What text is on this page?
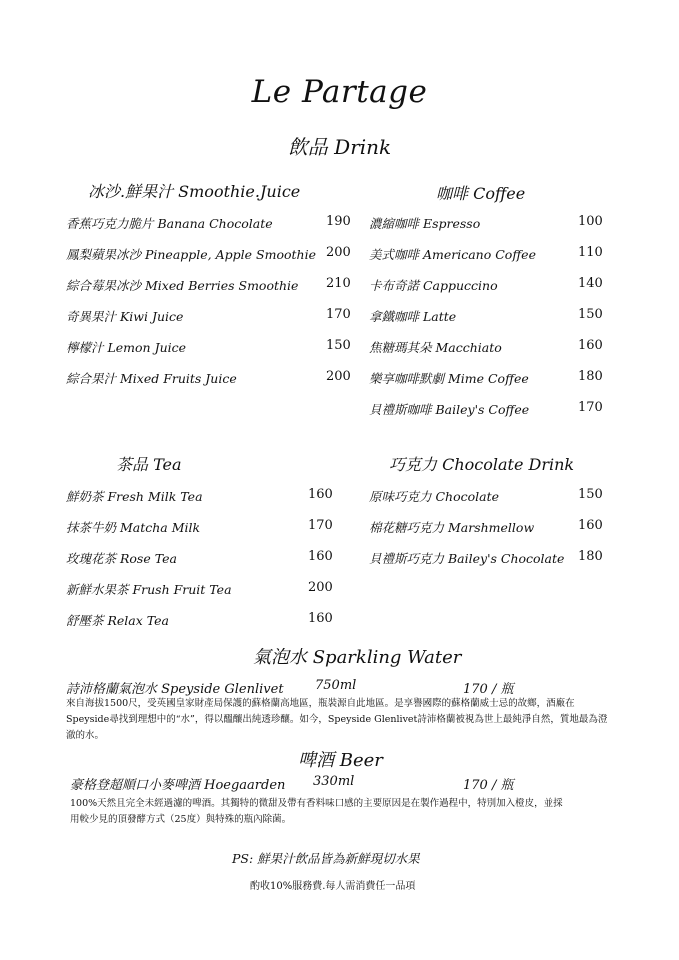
Le Partage
飲品 Drink
冰沙.鮮果汁 Smoothie.Juice
香蕉巧克力脆片 Banana Chocolate	190
鳳梨蘋果冰沙 Pineapple, Apple Smoothie 200
綜合莓果冰沙 Mixed Berries Smoothie 210
奇異果汁 Kiwi Juice	170
檸檬汁 Lemon Juice	150
綜合果汁 Mixed Fruits Juice	200
咖啡 Coffee
濃縮咖啡 Espresso	100
美式咖啡 Americano Coffee	110
卡布奇諾 Cappuccino	140
拿鐵咖啡 Latte	150
焦糖瑪其朵 Macchiato	160
樂享咖啡默劇 Mime Coffee	180
貝禮斯咖啡 Bailey's Coffee	170
茶品 Tea
鮮奶茶 Fresh Milk Tea	160
抹茶牛奶 Matcha Milk	170
玫瑰花茶 Rose Tea	160
新鮮水果茶 Frush Fruit Tea	200
舒壓茶 Relax Tea	160
巧克力 Chocolate Drink
原味巧克力 Chocolate	150
棉花糖巧克力 Marshmellow	160
貝禮斯巧克力 Bailey's Chocolate 180
氣泡水 Sparkling Water
詩沛格蘭氣泡水 Speyside Glenlivet 750ml	170 / 瓶
來自海拔1500尺，受英國皇家財產局保護的蘇格蘭高地區，瓶裝源自此地區。是享譽國際的蘇格蘭威士忌的故鄉，酒廠在Speyside尋找到理想中的“水”，得以醞釀出純透珍釀。如今，Speyside Glenlivet詩沛格蘭被視為世上最純淨自然，質地最為澄澈的水。
啤酒 Beer
豪格登超順口小麥啤酒 Hoegaarden 330ml	170 / 瓶
100%天然且完全未經過濾的啤酒。其獨特的微甜及帶有香料味口感的主要原因是在製作過程中，特別加入橙皮，並採用較少見的頂發酵方式（25度）與特殊的瓶內除菌。
PS: 鮮果汁飲品皆為新鮮現切水果
酌收10%服務費.每人需消費任一品項
